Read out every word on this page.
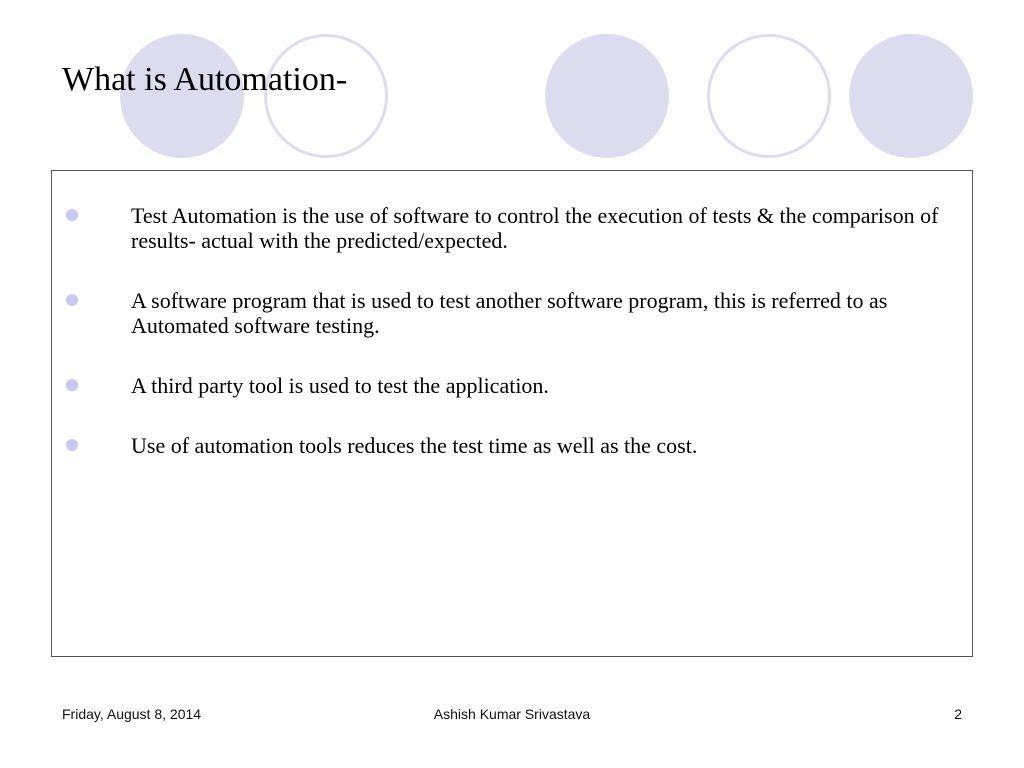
What is Automation-
Test Automation is the use of software to control the execution of tests & the comparison of results- actual with the predicted/expected.
A software program that is used to test another software program, this is referred to as Automated software testing.
A third party tool is used to test the application.
Use of automation tools reduces the test time as well as the cost.
Friday, August 8, 2014	Ashish Kumar Srivastava	2
